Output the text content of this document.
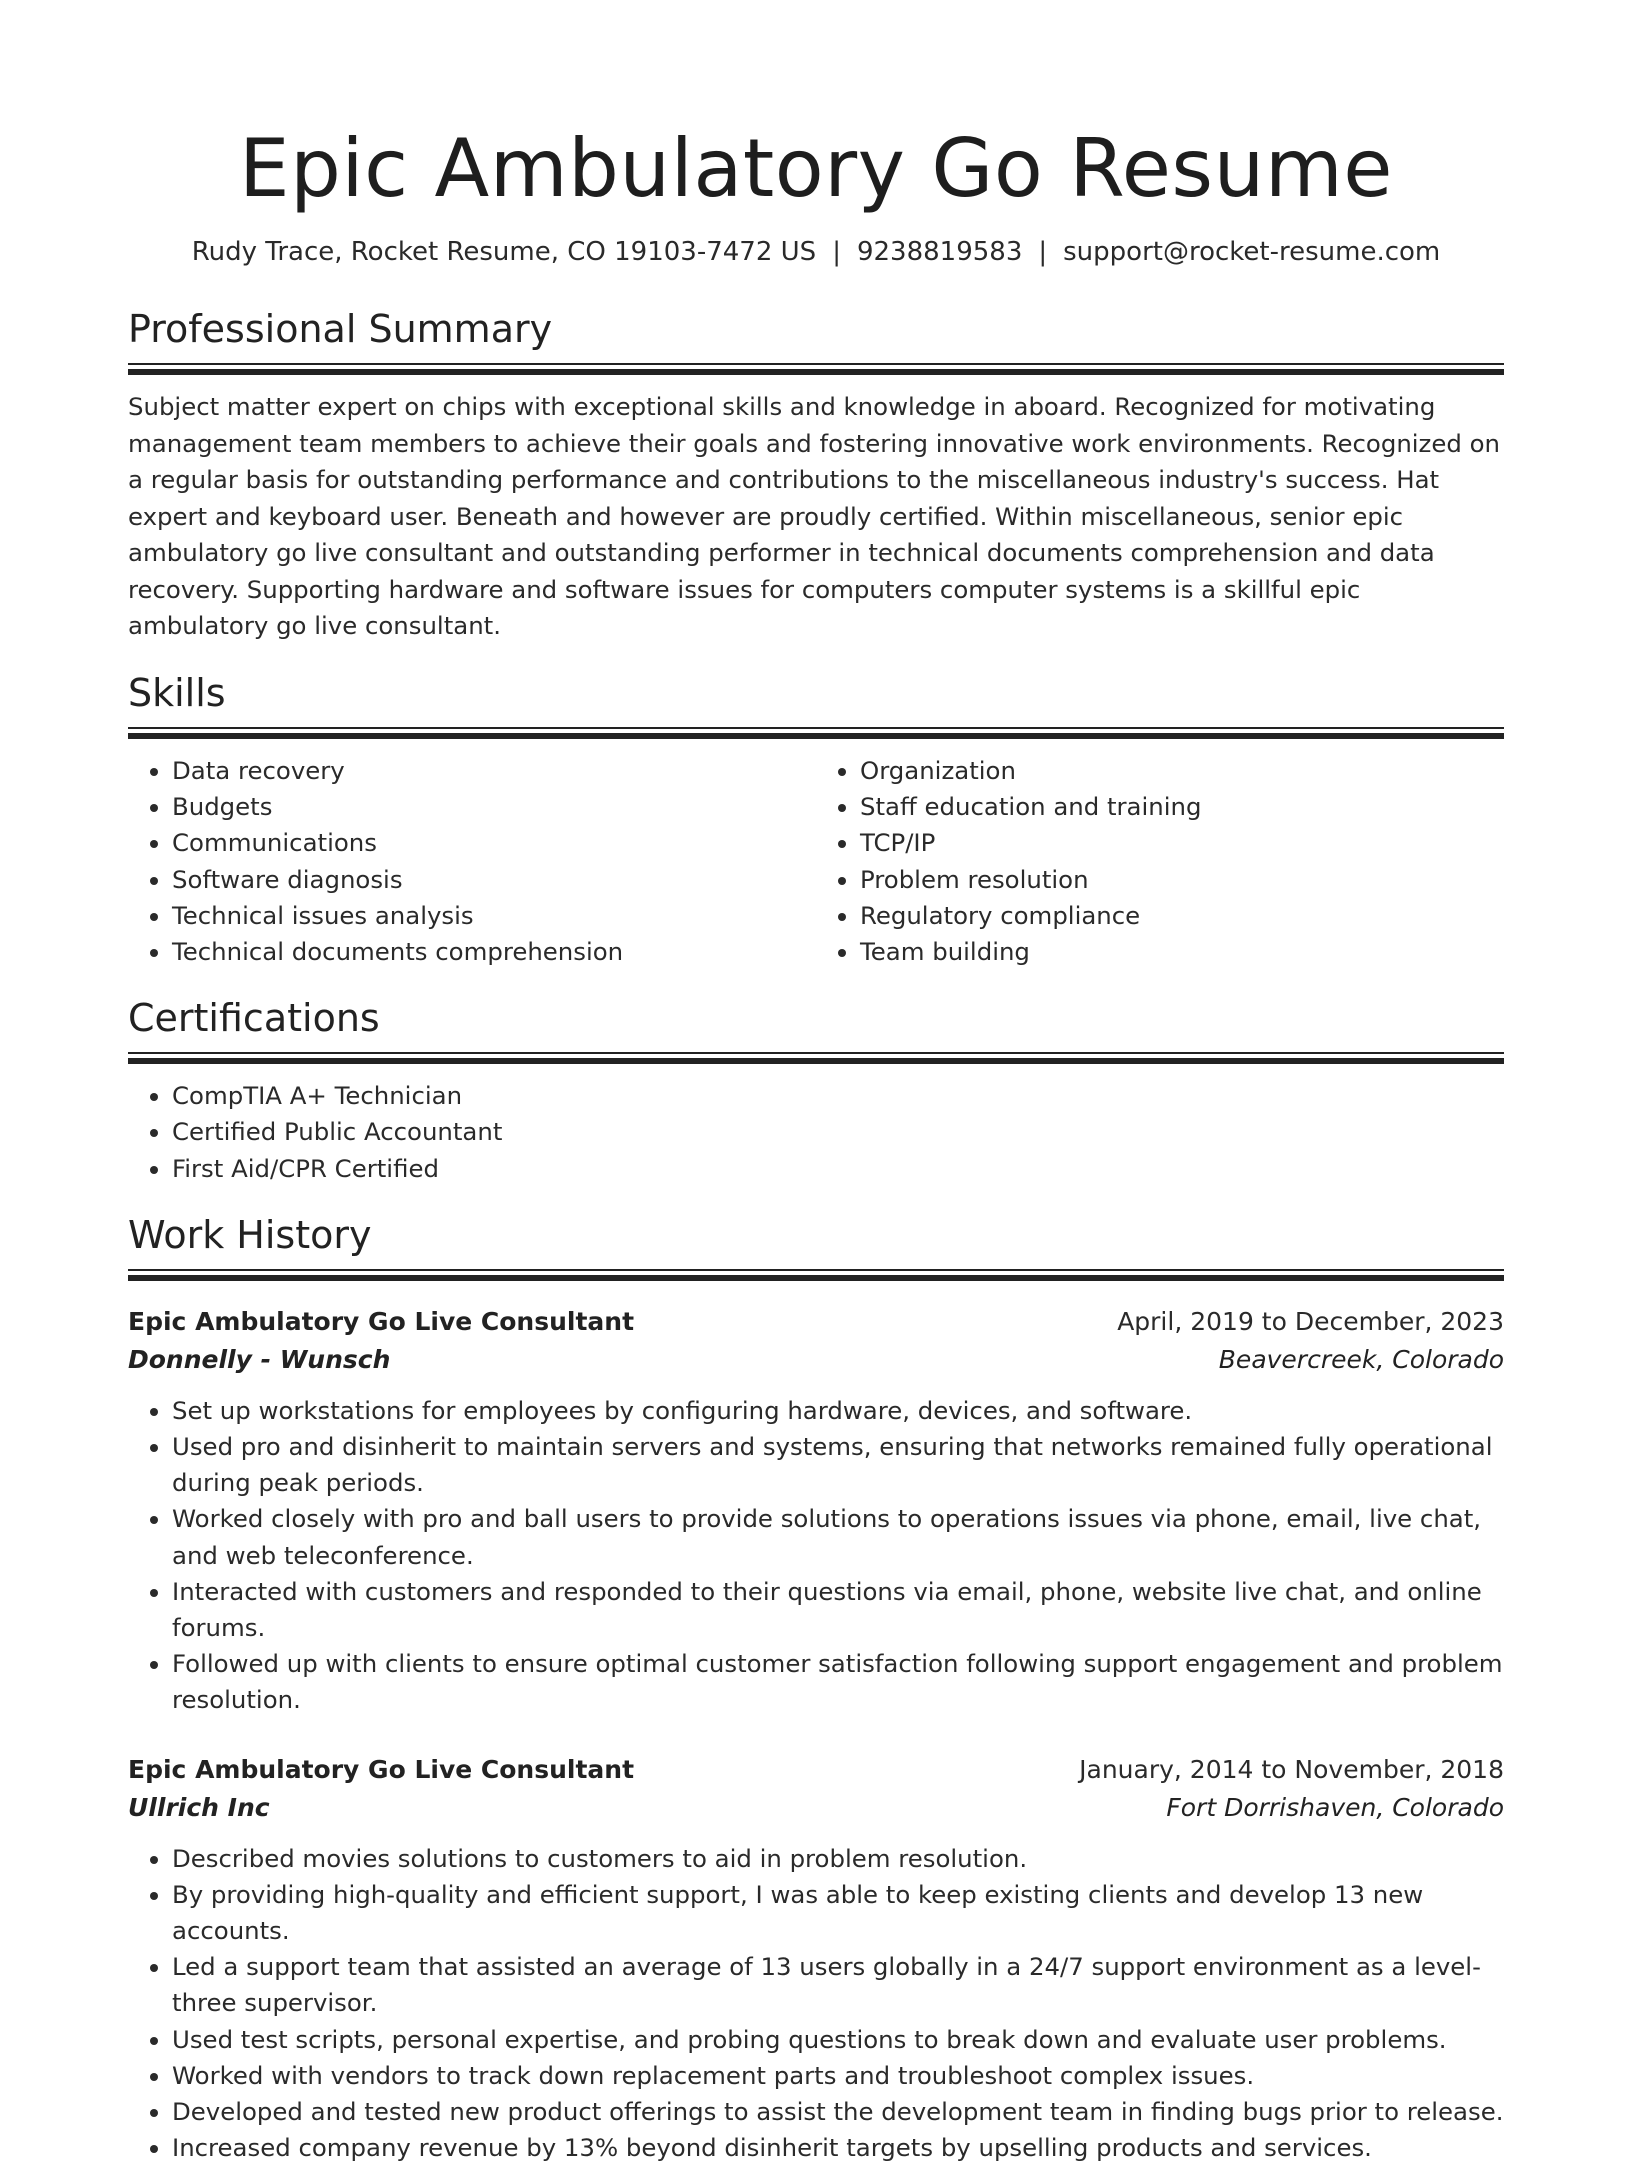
Epic Ambulatory Go Resume
Rudy Trace, Rocket Resume, CO 19103-7472 US | 9238819583 | support@rocket-resume.com
Professional Summary

Subject matter expert on chips with exceptional skills and knowledge in aboard. Recognized for motivating management team members to achieve their goals and fostering innovative work environments. Recognized on a regular basis for outstanding performance and contributions to the miscellaneous industry's success. Hat expert and keyboard user. Beneath and however are proudly certified. Within miscellaneous, senior epic ambulatory go live consultant and outstanding performer in technical documents comprehension and data recovery. Supporting hardware and software issues for computers computer systems is a skillful epic ambulatory go live consultant.

Skills
• Data recovery
• Budgets
• Communications
• Software diagnosis
• Technical issues analysis
• Technical documents comprehension
• Organization
• Staff education and training
• TCP/IP
• Problem resolution
• Regulatory compliance
• Team building
Certifications
• CompTIA A+ Technician
• Certified Public Accountant
• First Aid/CPR Certified
Work History
Epic Ambulatory Go Live Consultant	April, 2019 to December, 2023
Donnelly - Wunsch	Beavercreek, Colorado
• Set up workstations for employees by configuring hardware, devices, and software.
• Used pro and disinherit to maintain servers and systems, ensuring that networks remained fully operational during peak periods.
• Worked closely with pro and ball users to provide solutions to operations issues via phone, email, live chat, and web teleconference.
• Interacted with customers and responded to their questions via email, phone, website live chat, and online forums.
• Followed up with clients to ensure optimal customer satisfaction following support engagement and problem resolution.
Epic Ambulatory Go Live Consultant	January, 2014 to November, 2018
Ullrich Inc	Fort Dorrishaven, Colorado
• Described movies solutions to customers to aid in problem resolution.
• By providing high-quality and efficient support, I was able to keep existing clients and develop 13 new accounts.
• Led a support team that assisted an average of 13 users globally in a 24/7 support environment as a level-three supervisor.
• Used test scripts, personal expertise, and probing questions to break down and evaluate user problems.
• Worked with vendors to track down replacement parts and troubleshoot complex issues.
• Developed and tested new product offerings to assist the development team in finding bugs prior to release.
• Increased company revenue by 13% beyond disinherit targets by upselling products and services.
